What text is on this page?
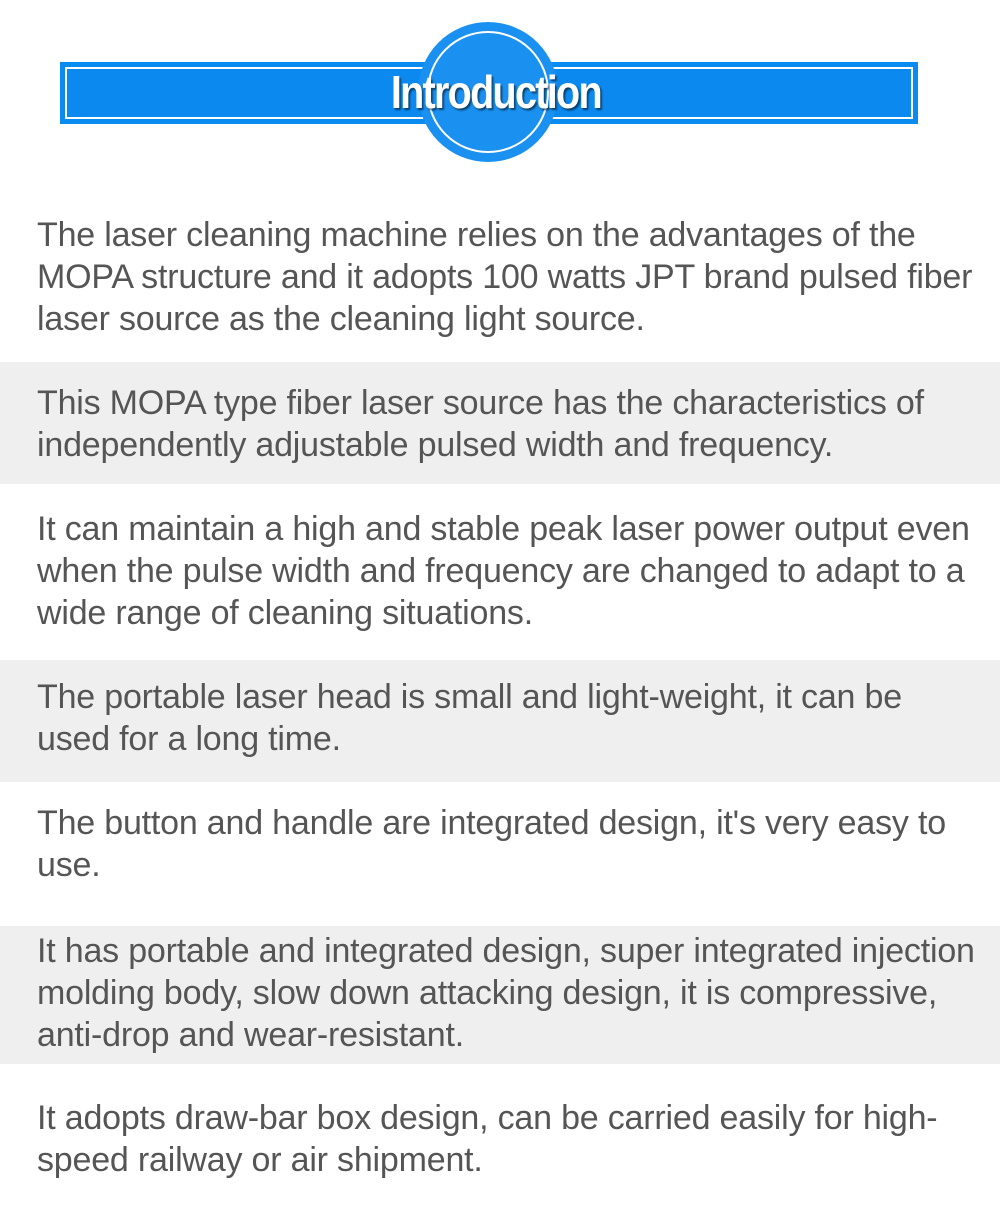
Introduction

The laser cleaning machine relies on the advantages of the MOPA structure and it adopts 100 watts JPT brand pulsed fiber laser source as the cleaning light source.

This MOPA type fiber laser source has the characteristics of independently adjustable pulsed width and frequency.

It can maintain a high and stable peak laser power output even when the pulse width and frequency are changed to adapt to a wide range of cleaning situations.

The portable laser head is small and light-weight, it can be used for a long time.

The button and handle are integrated design, it's very easy to use.

It has portable and integrated design, super integrated injection molding body, slow down attacking design, it is compressive, anti-drop and wear-resistant.

It adopts draw-bar box design, can be carried easily for high-speed railway or air shipment.
